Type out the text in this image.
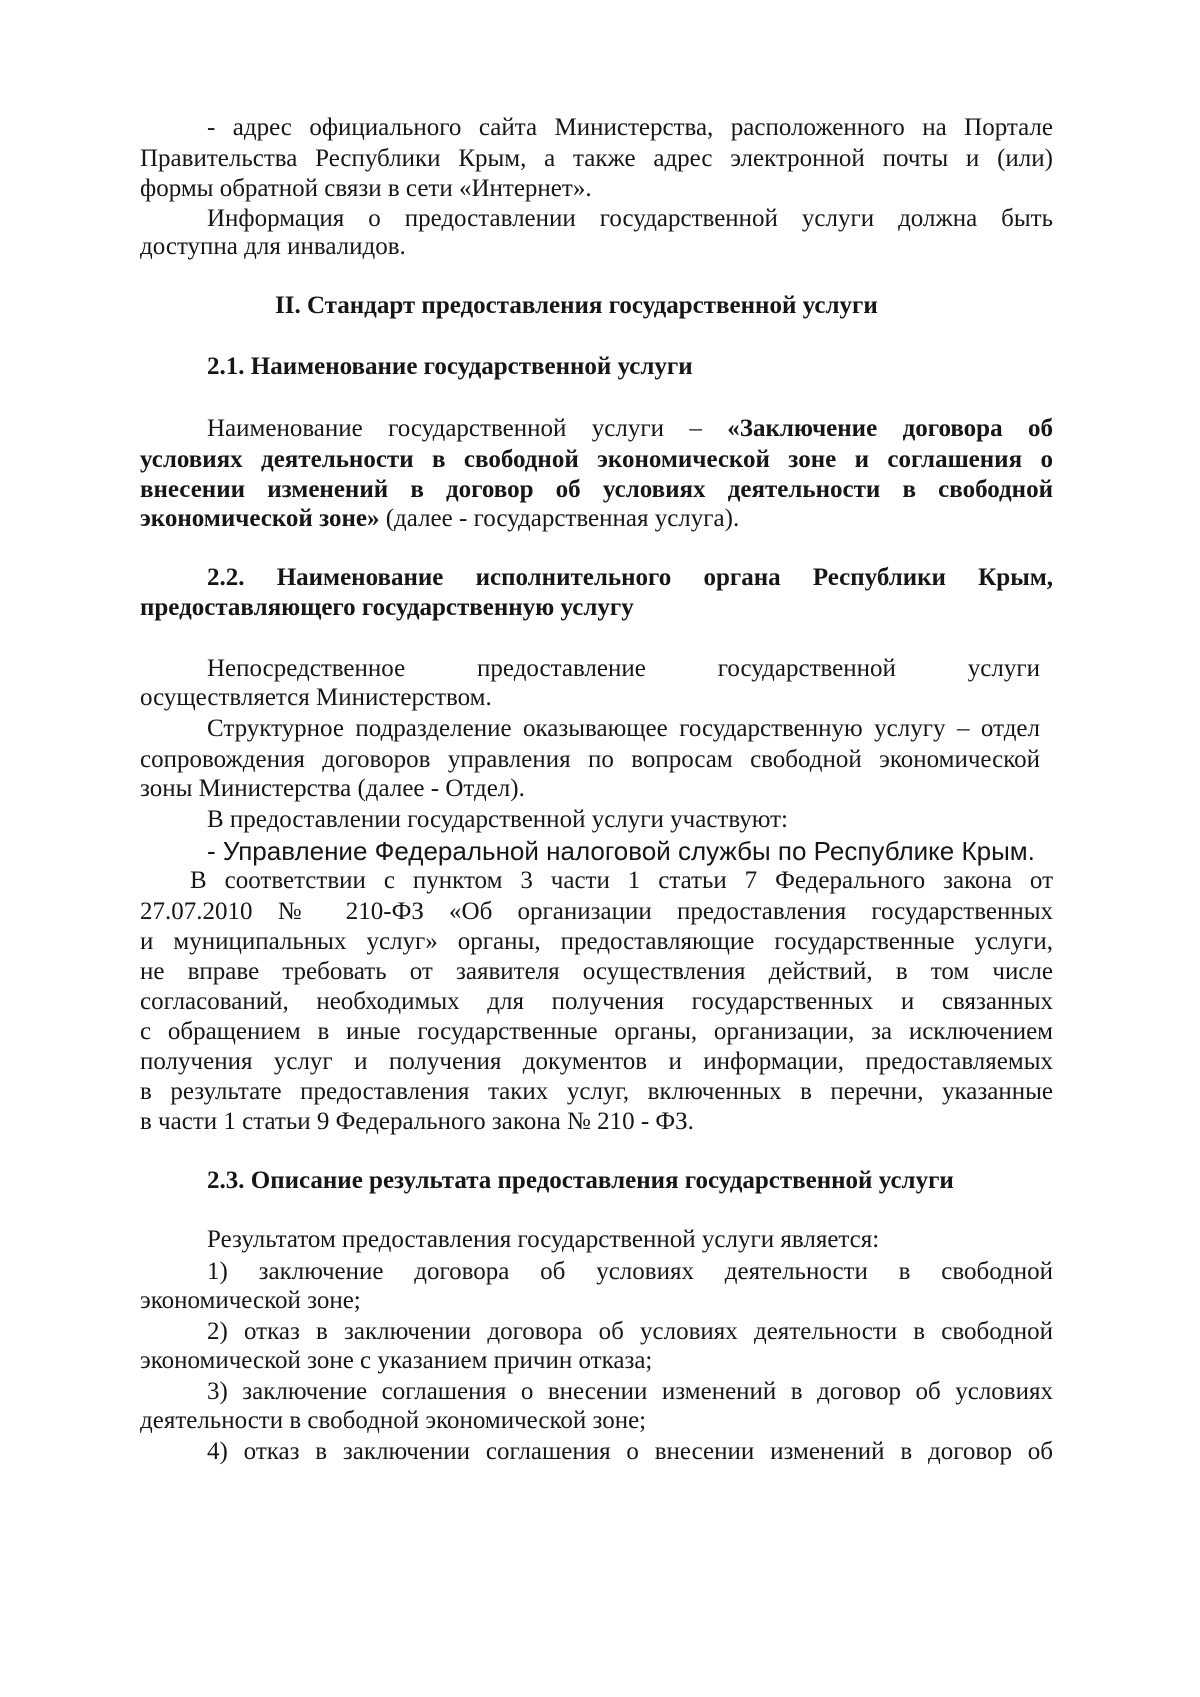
- адрес официального сайта Министерства, расположенного на Портале

Правительства Республики Крым, а также адрес электронной почты и (или)

формы обратной связи в сети «Интернет».

Информация о предоставлении государственной услуги должна быть

доступна для инвалидов.

II. Стандарт предоставления государственной услуги

2.1. Наименование государственной услуги

Наименование государственной услуги – «Заключение договора об

условиях деятельности в свободной экономической зоне и соглашения о

внесении изменений в договор об условиях деятельности в свободной

экономической зоне» (далее - государственная услуга).

2.2. Наименование исполнительного органа Республики Крым,

предоставляющего государственную услугу

Непосредственное предоставление государственной услуги

осуществляется Министерством.

Структурное подразделение оказывающее государственную услугу – отдел

сопровождения договоров управления по вопросам свободной экономической

зоны Министерства (далее - Отдел).

В предоставлении государственной услуги участвуют:

- Управление Федеральной налоговой службы по Республике Крым.

В соответствии с пунктом 3 части 1 статьи 7 Федерального закона от

27.07.2010 № 210-ФЗ «Об организации предоставления государственных

и муниципальных услуг» органы, предоставляющие государственные услуги,

не вправе требовать от заявителя осуществления действий, в том числе

согласований, необходимых для получения государственных и связанных

с обращением в иные государственные органы, организации, за исключением

получения услуг и получения документов и информации, предоставляемых

в результате предоставления таких услуг, включенных в перечни, указанные

в части 1 статьи 9 Федерального закона № 210 - ФЗ.

2.3. Описание результата предоставления государственной услуги

Результатом предоставления государственной услуги является:

1) заключение договора об условиях деятельности в свободной

экономической зоне;

2) отказ в заключении договора об условиях деятельности в свободной

экономической зоне с указанием причин отказа;

3) заключение соглашения о внесении изменений в договор об условиях

деятельности в свободной экономической зоне;

4) отказ в заключении соглашения о внесении изменений в договор об
